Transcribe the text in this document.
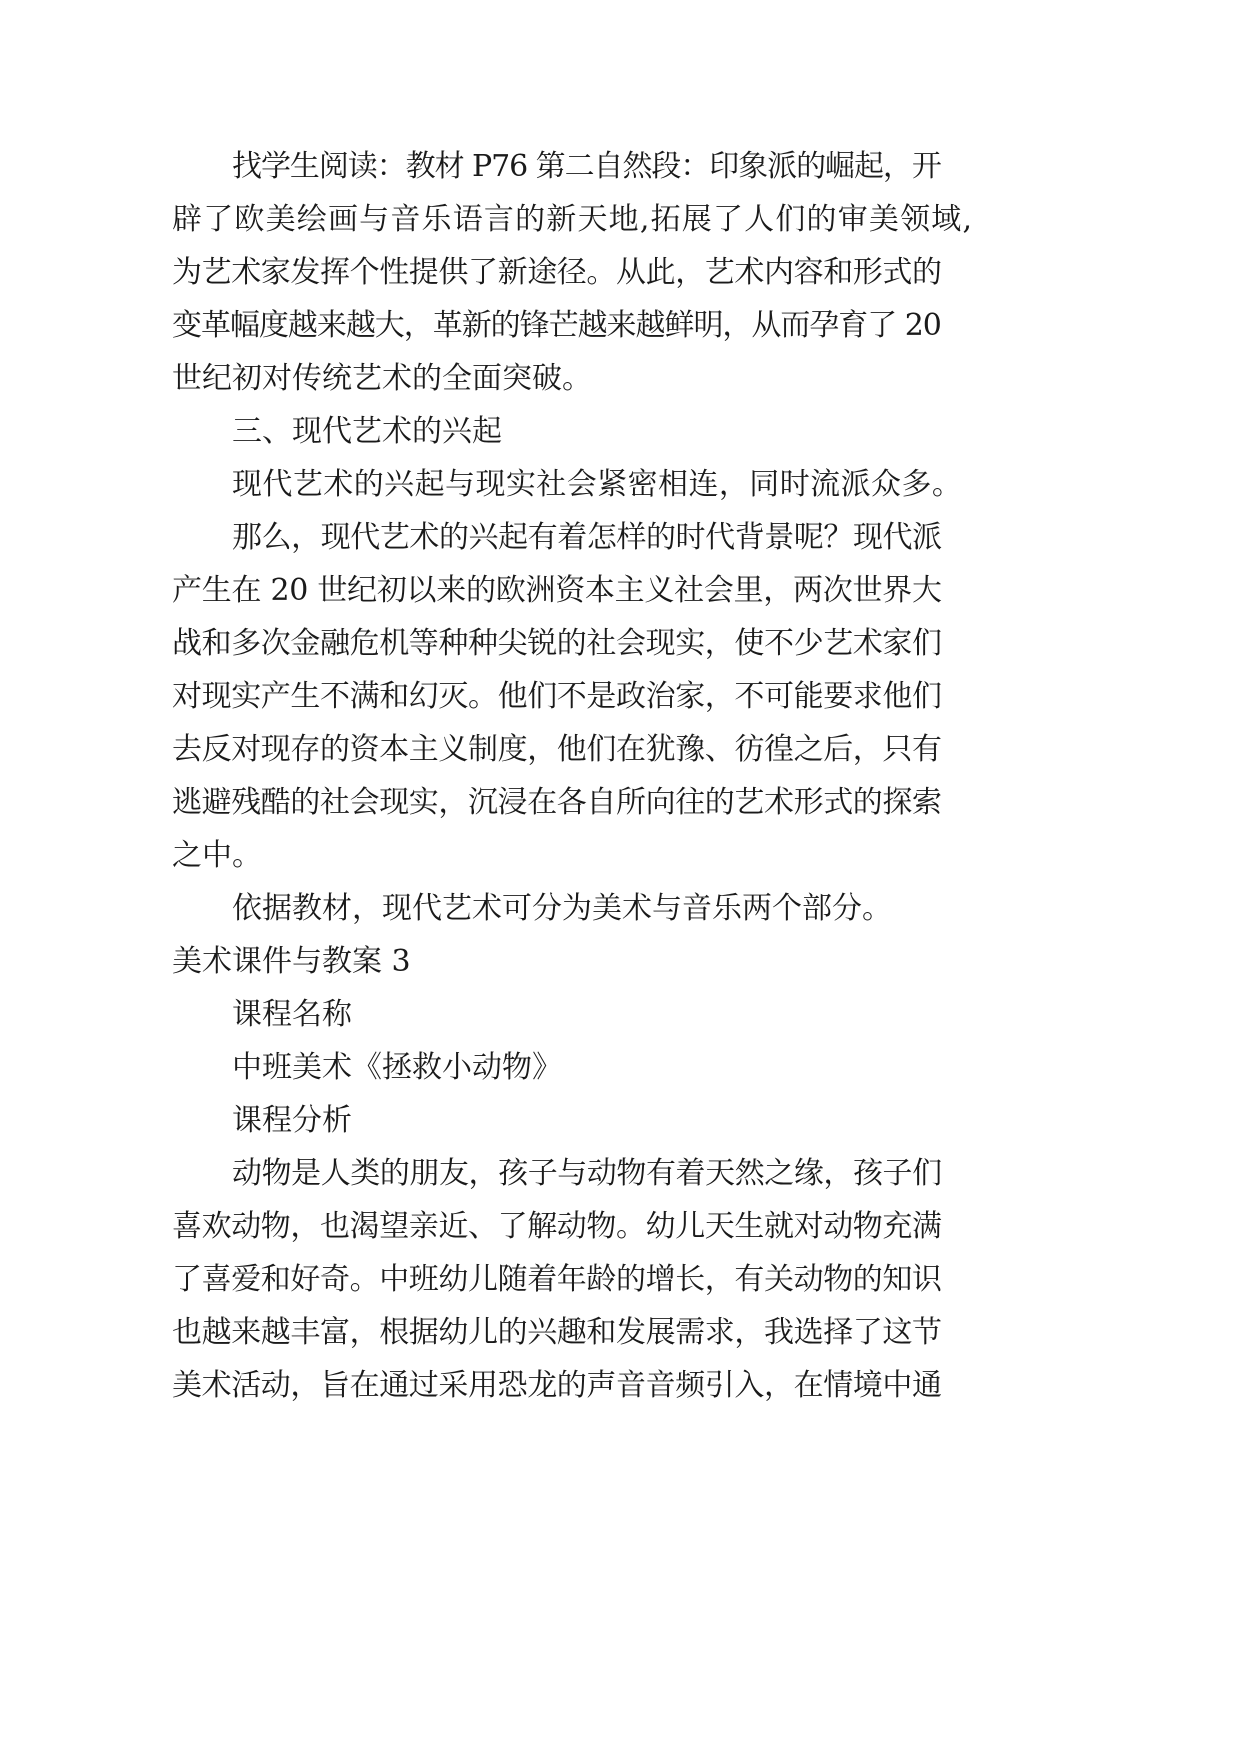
找学生阅读：教材 P76 第二自然段：印象派的崛起，开
辟了欧美绘画与音乐语言的新天地,拓展了人们的审美领域,
为艺术家发挥个性提供了新途径。从此，艺术内容和形式的
变革幅度越来越大，革新的锋芒越来越鲜明，从而孕育了 20
世纪初对传统艺术的全面突破。
三、现代艺术的兴起
现代艺术的兴起与现实社会紧密相连，同时流派众多。
那么，现代艺术的兴起有着怎样的时代背景呢？现代派
产生在 20 世纪初以来的欧洲资本主义社会里，两次世界大
战和多次金融危机等种种尖锐的社会现实，使不少艺术家们
对现实产生不满和幻灭。他们不是政治家，不可能要求他们
去反对现存的资本主义制度，他们在犹豫、彷徨之后，只有
逃避残酷的社会现实，沉浸在各自所向往的艺术形式的探索
之中。
依据教材，现代艺术可分为美术与音乐两个部分。
美术课件与教案 3
课程名称
中班美术《拯救小动物》
课程分析
动物是人类的朋友，孩子与动物有着天然之缘，孩子们
喜欢动物，也渴望亲近、了解动物。幼儿天生就对动物充满
了喜爱和好奇。中班幼儿随着年龄的增长，有关动物的知识
也越来越丰富，根据幼儿的兴趣和发展需求，我选择了这节
美术活动，旨在通过采用恐龙的声音音频引入，在情境中通
